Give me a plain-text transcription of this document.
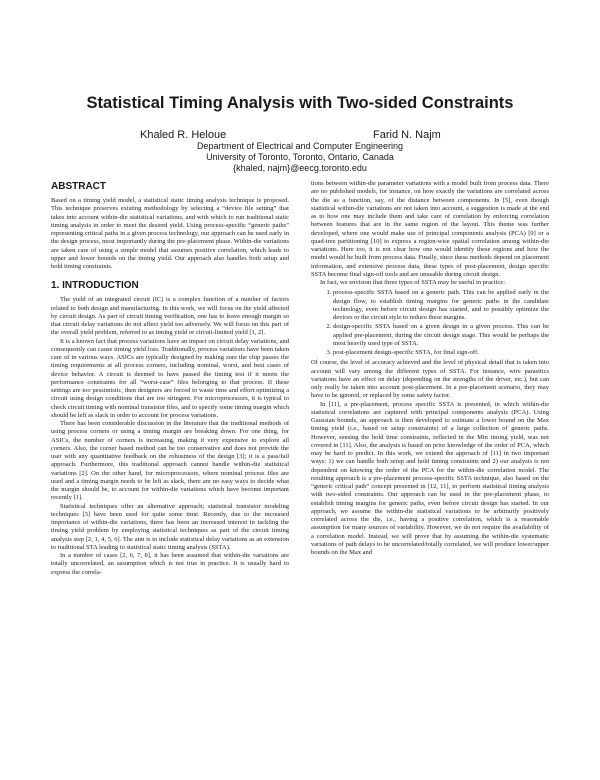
Statistical Timing Analysis with Two-sided Constraints
Khaled R. Heloue	Farid N. Najm
Department of Electrical and Computer Engineering
University of Toronto, Toronto, Ontario, Canada
{khaled, najm}@eecg.toronto.edu
ABSTRACT

Based on a timing yield model, a statistical static timing analysis technique is proposed. This technique preserves existing methodology by selecting a “device file setting” that takes into account within-die statistical variations, and with which to run traditional static timing analysis in order to meet the desired yield. Using process-specific “generic paths” representing critical paths in a given process technology, our approach can be used early in the design process, most importantly during the pre-placement phase. Within-die variations are taken care of using a simple model that assumes positive correlation, which leads to upper and lower bounds on the timing yield. Our approach also handles both setup and hold timing constraints.

1. INTRODUCTION

The yield of an integrated circuit (IC) is a complex function of a number of factors related to both design and manufacturing. In this work, we will focus on the yield affected by circuit design. As part of circuit timing verification, one has to leave enough margin so that circuit delay variations do not affect yield too adversely. We will focus on this part of the overall yield problem, referred to as timing yield or circuit-limited yield [1, 2].

It is a known fact that process variations have an impact on circuit delay variations, and consequently can cause timing yield loss. Traditionally, process variations have been taken care of in various ways. ASICs are typically designed by making sure the chip passes the timing requirements at all process corners, including nominal, worst, and best cases of device behavior. A circuit is deemed to have passed the timing test if it meets the performance constraints for all “worst-case” files belonging to that process. If these settings are too pessimistic, then designers are forced to waste time and effort optimizing a circuit using design conditions that are too stringent. For microprocessors, it is typical to check circuit timing with nominal transistor files, and to specify some timing margin which should be left as slack in order to account for process variations.

There has been considerable discussion in the literature that the traditional methods of using process corners or using a timing margin are breaking down. For one thing, for ASICs, the number of corners is increasing, making it very expensive to explore all corners. Also, the corner based method can be too conservative and does not provide the user with any quantitative feedback on the robustness of the design [3]; it is a pass/fail approach. Furthermore, this traditional approach cannot handle within-die statistical variations [2]. On the other hand, for microprocessors, where nominal process files are used and a timing margin needs to be left as slack, there are no easy ways to decide what the margin should be, to account for within-die variations which have become important recently [1].

Statistical techniques offer an alternative approach; statistical transistor modeling techniques [3] have been used for quite some time. Recently, due to the increased importance of within-die variations, there has been an increased interest in tackling the timing yield problem by employing statistical techniques as part of the circuit timing analysis step [2, 1, 4, 5, 6]. The aim is to include statistical delay variations as an extension to traditional STA leading to statistical static timing analysis (SSTA).

In a number of cases [2, 6, 7, 8], it has been assumed that within-die variations are totally uncorrelated, an assumption which is not true in practice. It is usually hard to express the correla-

tions between within-die parameter variations with a model built from process data. There are no published models, for instance, on how exactly the variations are correlated across the die as a function, say, of the distance between components. In [5], even though statistical within-die variations are not taken into account, a suggestion is made at the end as to how one may include them and take care of correlation by enforcing correlation between features that are in the same region of the layout. This theme was further developed, where one would make use of principal components analysis (PCA) [9] or a quad-tree partitioning [10] to express a region-wise spatial correlation among within-die variations. Here too, it is not clear how one would identify these regions and how the model would be built from process data. Finally, since these methods depend on placement information, and extensive process data, these types of post-placement, design specific SSTA become final sign-off tools and are unusable during circuit design.

In fact, we envision that three types of SSTA may be useful in practice:

1. process-specific SSTA based on a generic path. This can be applied early in the design flow, to establish timing margins for generic paths in the candidate technology, even before circuit design has started, and to possibly optimize the devices or the circuit style to reduce these margins.
2. design-specific SSTA based on a given design in a given process. This can be applied pre-placement, during the circuit design stage. This would be perhaps the most heavily used type of SSTA.
3. post-placement design-specific SSTA, for final sign-off.

Of course, the level of accuracy achieved and the level of physical detail that is taken into account will vary among the different types of SSTA. For instance, wire parasitics variations have an effect on delay (depending on the strengths of the driver, etc.), but can only really be taken into account post-placement. In a pre-placement scenario, they may have to be ignored, or replaced by some safety factor.

In [11], a pre-placement, process specific SSTA is presented, in which within-die statistical correlations are captured with principal components analysis (PCA). Using Gaussian bounds, an approach is then developed to estimate a lower bound on the Max timing yield (i.e., based on setup constraints) of a large collection of generic paths. However, sensing the hold time constraints, reflected in the Min timing yield, was not covered in [11]. Also, the analysis is based on prior knowledge of the order of PCA, which may be hard to predict. In this work, we extend the approach of [11] in two important ways: 1) we can handle both setup and hold timing constraints and 2) our analysis is not dependent on knowing the order of the PCA for the within-die correlation model. The resulting approach is a pre-placement process-specific SSTA technique, also based on the “generic critical path” concept presented in [12, 11], to perform statistical timing analysis with two-sided constraints. Our approach can be used in the pre-placement phase, to establish timing margins for generic paths, even before circuit design has started. In our approach, we assume the within-die statistical variations to be arbitrarily positively correlated across the die, i.e., having a positive correlation, which is a reasonable assumption for many sources of variability. However, we do not require the availability of a correlation model. Instead, we will prove that by assuming the within-die systematic variations of path delays to be uncorrelated/totally correlated, we will produce lower/upper bounds on the Max and
